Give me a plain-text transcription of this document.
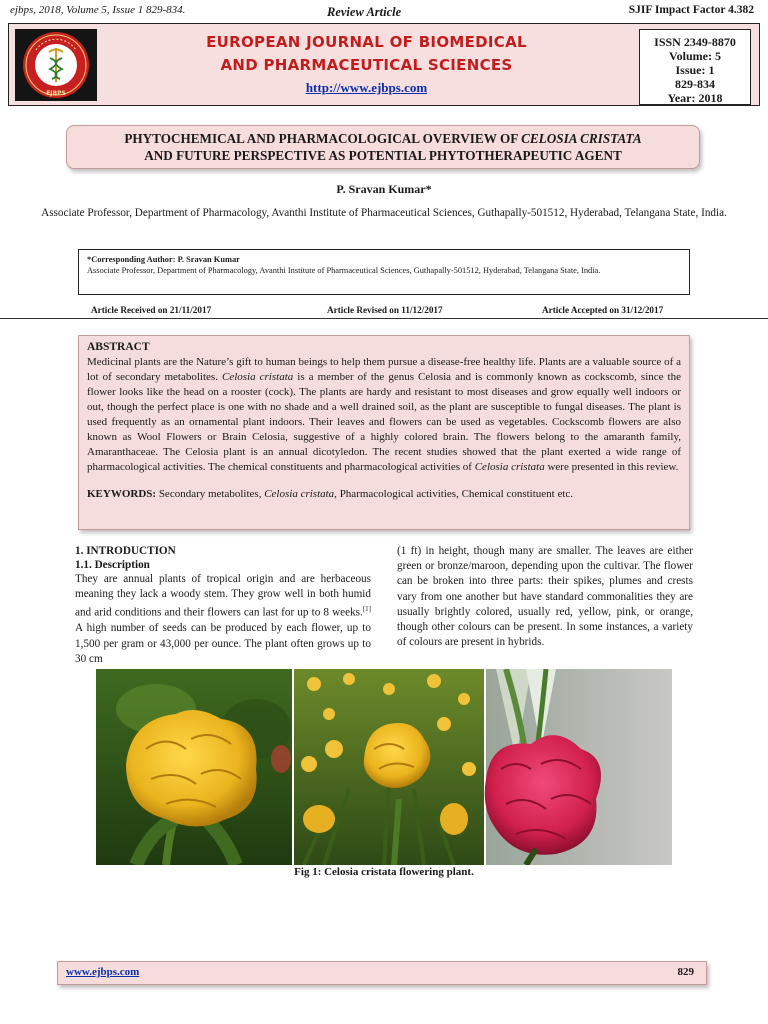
ejbps, 2018, Volume 5, Issue 1 829-834.	Review Article	SJIF Impact Factor 4.382
EJBPS
EUROPEAN JOURNAL OF BIOMEDICAL
AND PHARMACEUTICAL SCIENCES
http://www.ejbps.com
ISSN 2349-8870
Volume: 5
Issue: 1
829-834
Year: 2018
PHYTOCHEMICAL AND PHARMACOLOGICAL OVERVIEW OF CELOSIA CRISTATA
AND FUTURE PERSPECTIVE AS POTENTIAL PHYTOTHERAPEUTIC AGENT
P. Sravan Kumar*
Associate Professor, Department of Pharmacology, Avanthi Institute of Pharmaceutical Sciences, Guthapally-501512, Hyderabad, Telangana State, India.
*Corresponding Author: P. Sravan Kumar
Associate Professor, Department of Pharmacology, Avanthi Institute of Pharmaceutical Sciences, Guthapally-501512, Hyderabad, Telangana State, India.
Article Received on 21/11/2017	Article Revised on 11/12/2017	Article Accepted on 31/12/2017
ABSTRACT
Medicinal plants are the Nature’s gift to human beings to help them pursue a disease-free healthy life. Plants are a valuable source of a lot of secondary metabolites. Celosia cristata is a member of the genus Celosia and is commonly known as cockscomb, since the flower looks like the head on a rooster (cock). The plants are hardy and resistant to most diseases and grow equally well indoors or out, though the perfect place is one with no shade and a well drained soil, as the plant are susceptible to fungal diseases. The plant is used frequently as an ornamental plant indoors. Their leaves and flowers can be used as vegetables. Cockscomb flowers are also known as Wool Flowers or Brain Celosia, suggestive of a highly colored brain. The flowers belong to the amaranth family, Amaranthaceae. The Celosia plant is an annual dicotyledon. The recent studies showed that the plant exerted a wide range of pharmacological activities. The chemical constituents and pharmacological activities of Celosia cristata were presented in this review.
KEYWORDS: Secondary metabolites, Celosia cristata, Pharmacological activities, Chemical constituent etc.
1. INTRODUCTION
1.1. Description
They are annual plants of tropical origin and are herbaceous meaning they lack a woody stem. They grow well in both humid and arid conditions and their flowers can last for up to 8 weeks.[1] A high number of seeds can be produced by each flower, up to 1,500 per gram or 43,000 per ounce. The plant often grows up to 30 cm
(1 ft) in height, though many are smaller. The leaves are either green or bronze/maroon, depending upon the cultivar. The flower can be broken into three parts: their spikes, plumes and crests vary from one another but have standard commonalities they are usually brightly colored, usually red, yellow, pink, or orange, though other colours can be present. In some instances, a variety of colours are present in hybrids.
Fig 1: Celosia cristata flowering plant.
www.ejbps.com	829
